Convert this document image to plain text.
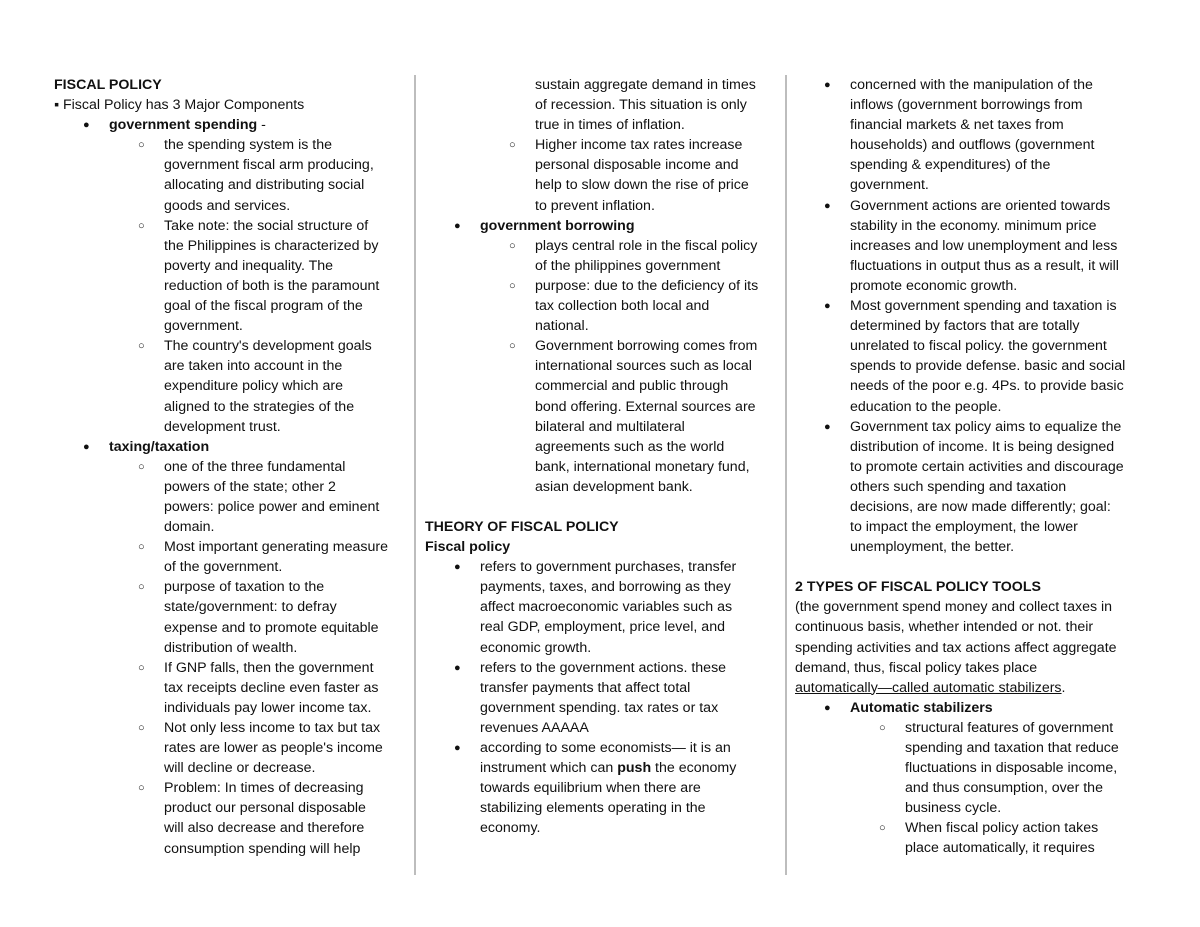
FISCAL POLICY
▪ Fiscal Policy has 3 Major Components
● government spending -
○	the spending system is the
government fiscal arm producing,
allocating and distributing social
goods and services.
○	Take note: the social structure of
the Philippines is characterized by
poverty and inequality. The
reduction of both is the paramount
goal of the fiscal program of the
government.
○	The country's development goals
are taken into account in the
expenditure policy which are
aligned to the strategies of the
development trust.
●	taxing/taxation
○	one of the three fundamental
powers of the state; other 2
powers: police power and eminent
domain.
○	Most important generating measure
of the government.
○	purpose of taxation to the
state/government: to defray
expense and to promote equitable
distribution of wealth.
○	If GNP falls, then the government
tax receipts decline even faster as
individuals pay lower income tax.
○	Not only less income to tax but tax
rates are lower as people's income
will decline or decrease.
○	Problem: In times of decreasing
product our personal disposable
will also decrease and therefore
consumption spending will help
sustain aggregate demand in times
of recession. This situation is only
true in times of inflation.
○	Higher income tax rates increase
personal disposable income and
help to slow down the rise of price
to prevent inflation.
●	government borrowing
○	plays central role in the fiscal policy
of the philippines government
○	purpose: due to the deficiency of its
tax collection both local and
national.
○	Government borrowing comes from
international sources such as local
commercial and public through
bond offering. External sources are
bilateral and multilateral
agreements such as the world
bank, international monetary fund,
asian development bank.
THEORY OF FISCAL POLICY
Fiscal policy
●	refers to government purchases, transfer
payments, taxes, and borrowing as they
affect macroeconomic variables such as
real GDP, employment, price level, and
economic growth.
●	refers to the government actions. these
transfer payments that affect total
government spending. tax rates or tax
revenues AAAAA
●	according to some economists— it is an
instrument which can push the economy
towards equilibrium when there are
stabilizing elements operating in the
economy.
●	concerned with the manipulation of the
inflows (government borrowings from
financial markets & net taxes from
households) and outflows (government
spending & expenditures) of the
government.
●	Government actions are oriented towards
stability in the economy. minimum price
increases and low unemployment and less
fluctuations in output thus as a result, it will
promote economic growth.
●	Most government spending and taxation is
determined by factors that are totally
unrelated to fiscal policy. the government
spends to provide defense. basic and social
needs of the poor e.g. 4Ps. to provide basic
education to the people.
●	Government tax policy aims to equalize the
distribution of income. It is being designed
to promote certain activities and discourage
others such spending and taxation
decisions, are now made differently; goal:
to impact the employment, the lower
unemployment, the better.
2 TYPES OF FISCAL POLICY TOOLS
(the government spend money and collect taxes in
continuous basis, whether intended or not. their
spending activities and tax actions affect aggregate
demand, thus, fiscal policy takes place
automatically—called automatic stabilizers.
●	Automatic stabilizers
○	structural features of government
spending and taxation that reduce
fluctuations in disposable income,
and thus consumption, over the
business cycle.
○	When fiscal policy action takes
place automatically, it requires
